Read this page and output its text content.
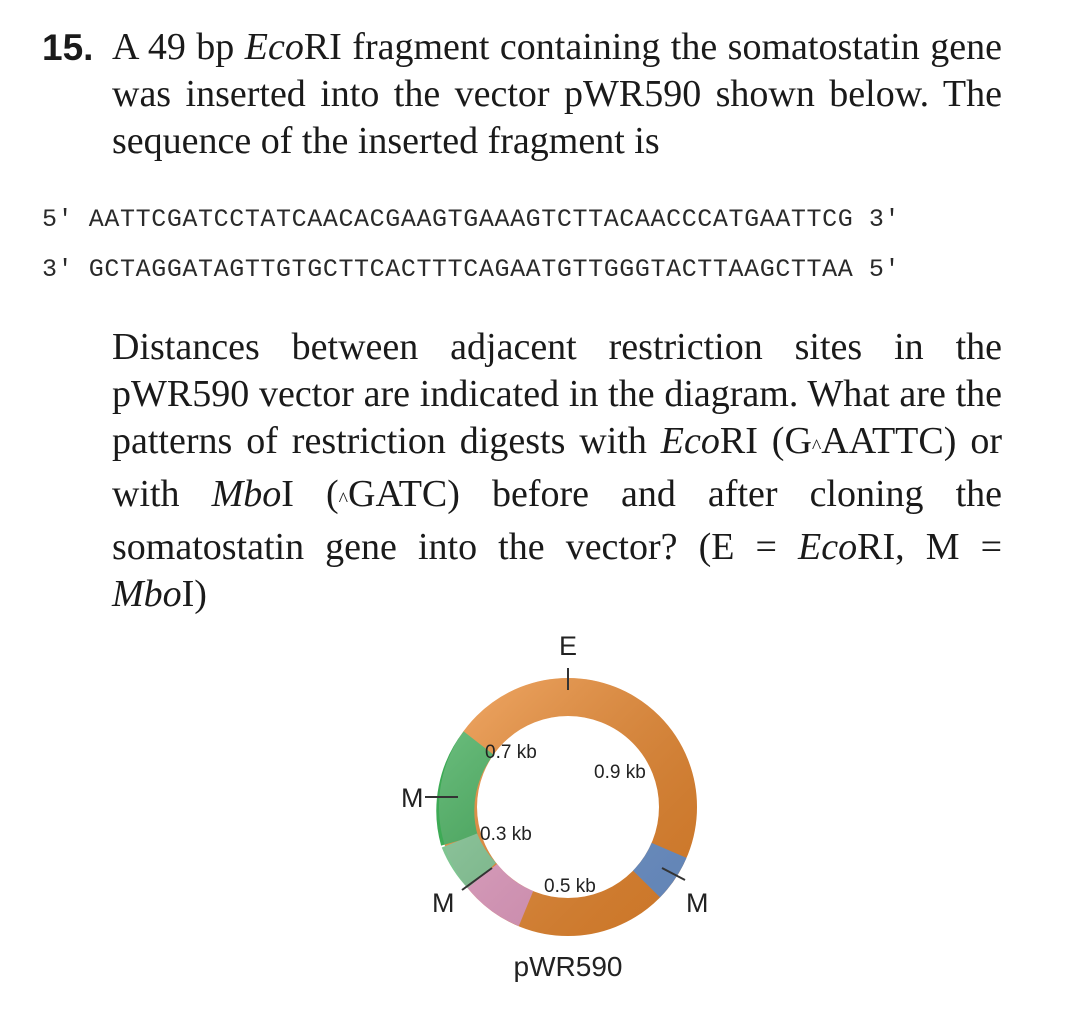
15. A 49 bp EcoRI fragment containing the somatostatin gene was inserted into the vector pWR590 shown below. The sequence of the inserted fragment is
5′ AATTCGATCCTATCAACACGAAGTGAAAGTCTTACAACCCATGAATTCG 3′
3′ GCTAGGATAGTTGTGCTTCACTTTCAGAATGTTGGGTACTTAAGCTTAA 5′
Distances between adjacent restriction sites in the pWR590 vector are indicated in the diagram. What are the patterns of restriction digests with EcoRI (G^AATTC) or with MboI (^GATC) before and after cloning the somatostatin gene into the vector? (E = EcoRI, M = MboI)
E
M
M	M
0.7 kb
0.9 kb
0.3 kb
0.5 kb
pWR590
